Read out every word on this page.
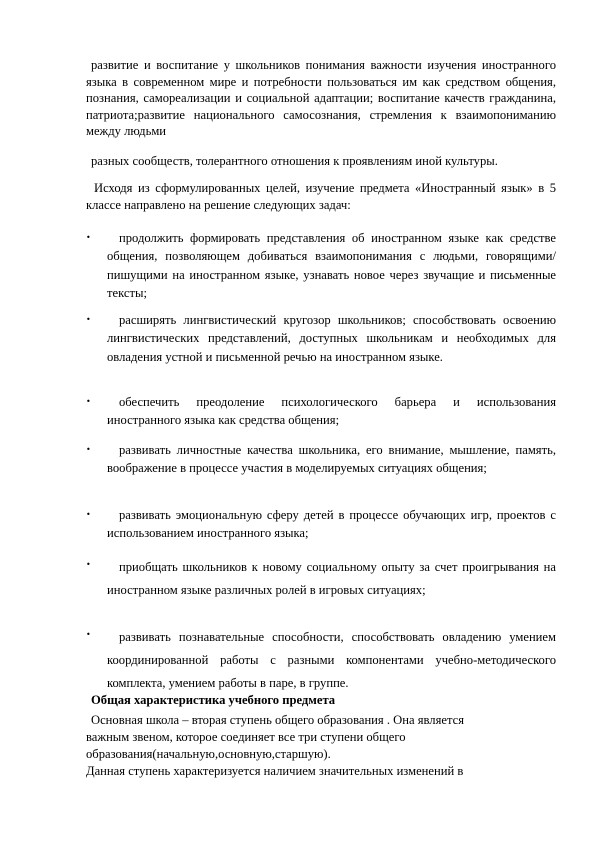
развитие и воспитание у школьников понимания важности изучения иностранного языка в современном мире и потребности пользоваться им как средством общения, познания, самореализации и социальной адаптации; воспитание качеств гражданина, патриота;развитие национального самосознания, стремления к взаимопониманию между людьми
разных сообществ, толерантного отношения к проявлениям иной культуры.
Исходя из сформулированных целей, изучение предмета «Иностранный язык» в 5 классе направлено на решение следующих задач:
•	продолжить формировать представления об иностранном языке как средстве общения, позволяющем добиваться взаимопонимания с людьми, говорящими/пишущими на иностранном языке, узнавать новое через звучащие и письменные тексты;
•	расширять лингвистический кругозор школьников; способствовать освоению лингвистических представлений, доступных школьникам и необходимых для овладения устной и письменной речью на иностранном языке.
•	обеспечить преодоление психологического барьера и использования иностранного языка как средства общения;
•	развивать личностные качества школьника, его внимание, мышление, память, воображение в процессе участия в моделируемых ситуациях общения;
•	развивать эмоциональную сферу детей в процессе обучающих игр, проектов с использованием иностранного языка;
•	приобщать школьников к новому социальному опыту за счет проигрывания на иностранном языке различных ролей в игровых ситуациях;
•	развивать познавательные способности, способствовать овладению умением координированной работы с разными компонентами учебно-методического комплекта, умением работы в паре, в группе.
Общая характеристика учебного предмета
Основная школа – вторая ступень общего образования . Она является
важным звеном, которое соединяет все три ступени общего
образования(начальную,основную,старшую).
Данная ступень характеризуется наличием значительных изменений в
